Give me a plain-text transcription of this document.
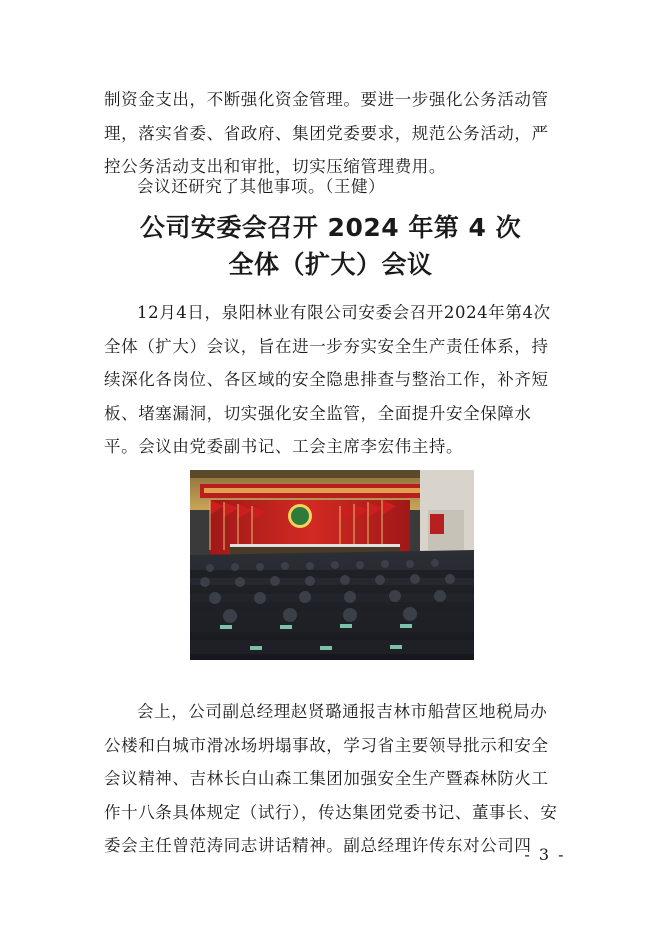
制资金支出，不断强化资金管理。要进一步强化公务活动管理，落实省委、省政府、集团党委要求，规范公务活动，严控公务活动支出和审批，切实压缩管理费用。

会议还研究了其他事项。（王健）

公司安委会召开 2024 年第 4 次
全体（扩大）会议

12月4日，泉阳林业有限公司安委会召开2024年第4次全体（扩大）会议，旨在进一步夯实安全生产责任体系，持续深化各岗位、各区域的安全隐患排查与整治工作，补齐短板、堵塞漏洞，切实强化安全监管，全面提升安全保障水平。会议由党委副书记、工会主席李宏伟主持。

会上，公司副总经理赵贤璐通报吉林市船营区地税局办公楼和白城市滑冰场坍塌事故，学习省主要领导批示和安全会议精神、吉林长白山森工集团加强安全生产暨森林防火工作十八条具体规定（试行），传达集团党委书记、董事长、安委会主任曾范涛同志讲话精神。副总经理许传东对公司四

- 3 -
